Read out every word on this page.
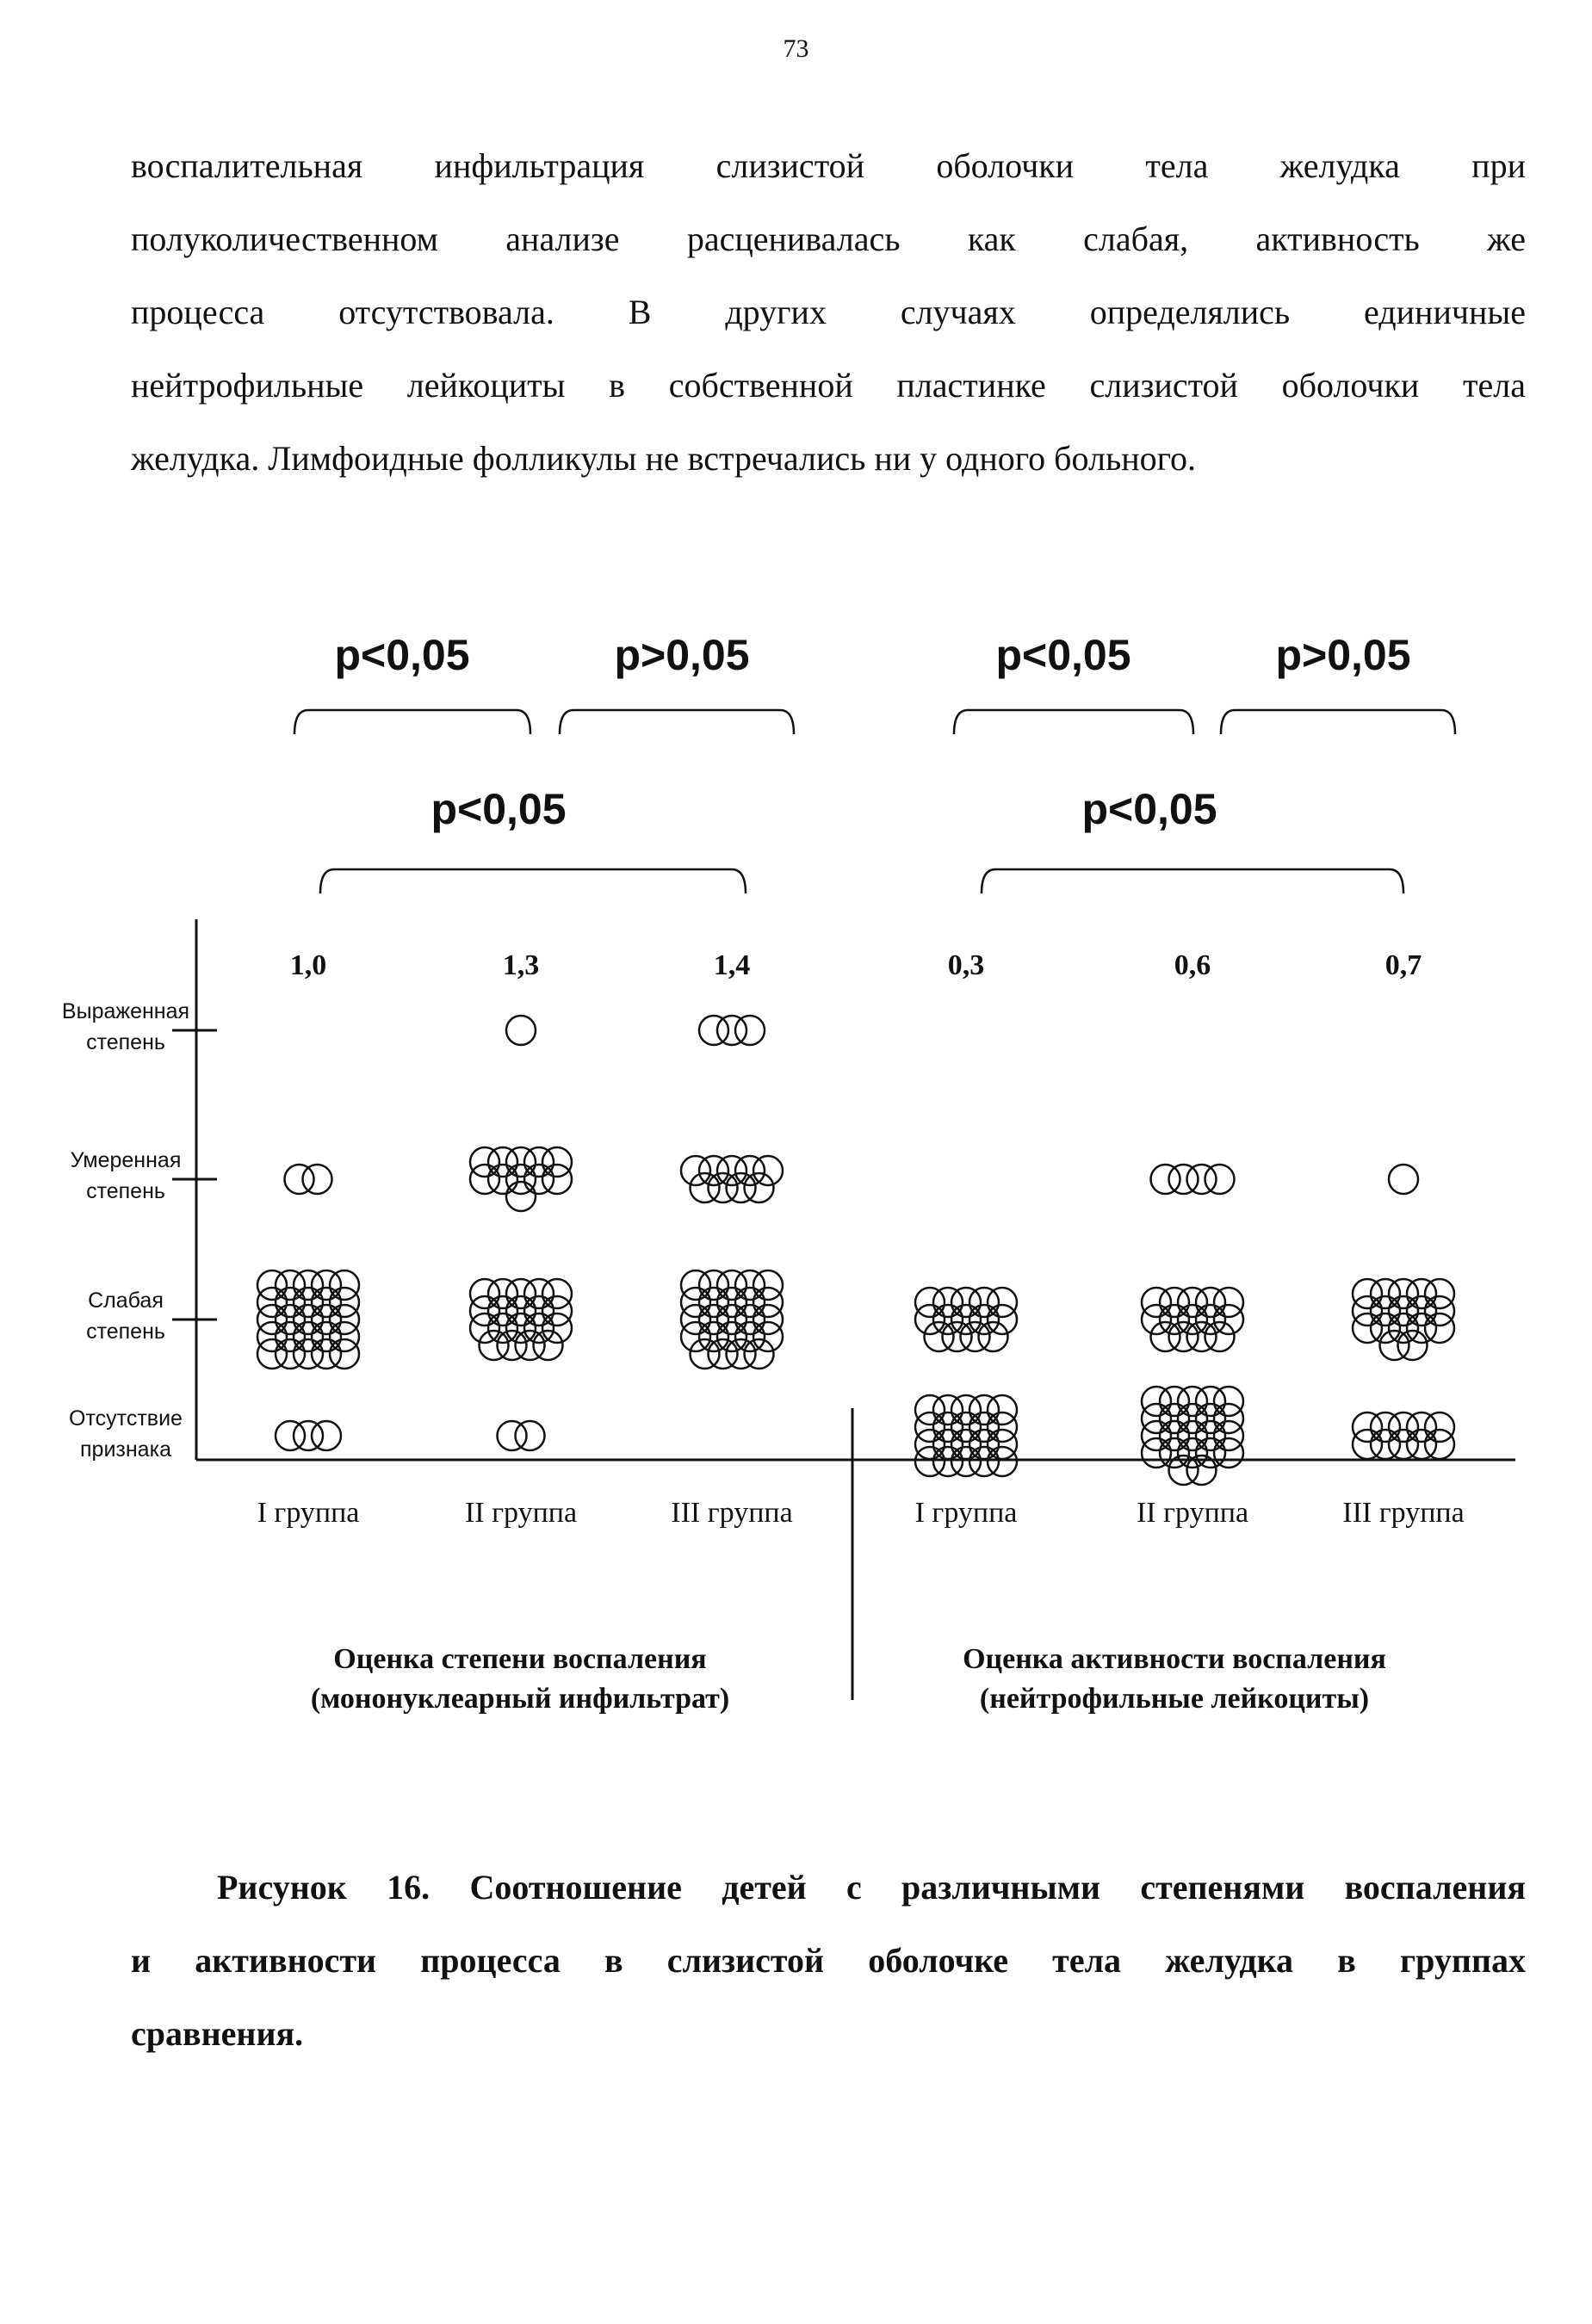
73
воспалительная инфильтрация слизистой оболочки тела желудка при
полуколичественном анализе расценивалась как слабая, активность же
процесса отсутствовала. В других случаях определялись единичные
нейтрофильные лейкоциты в собственной пластинке слизистой оболочки тела
желудка. Лимфоидные фолликулы не встречались ни у одного больного.
p<0,05	p>0,05
p<0,05
p<0,05	p>0,05
p<0,05
Отсутствие
признака
Слабая
степень
Умеренная
степень
Выраженная
степень
1,0
I группа
1,3
II группа
1,4
III группа
Оценка степени воспаления
(мононуклеарный инфильтрат)
0,3
I группа
0,6
II группа
0,7
III группа
Оценка активности воспаления
(нейтрофильные лейкоциты)
Рисунок 16. Соотношение детей с различными степенями воспаления
и активности процесса в слизистой оболочке тела желудка в группах
сравнения.
